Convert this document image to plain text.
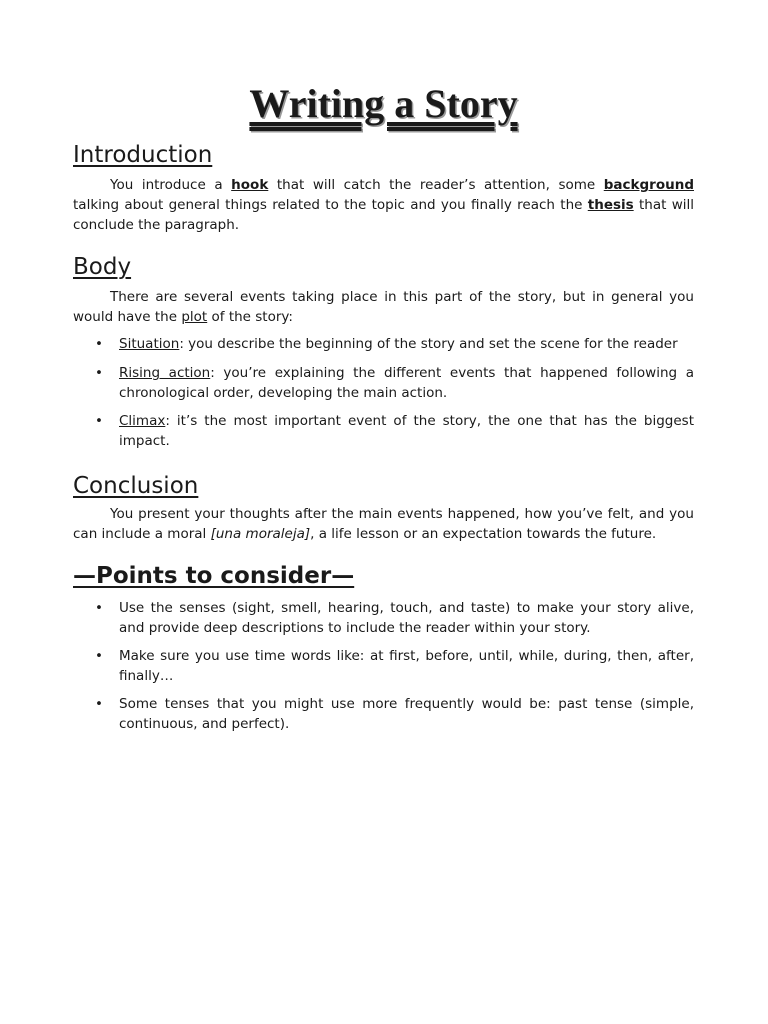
Writing a Story
Introduction

You introduce a hook that will catch the reader’s attention, some background talking about general things related to the topic and you finally reach the thesis that will conclude the paragraph.

Body

There are several events taking place in this part of the story, but in general you would have the plot of the story:

• Situation: you describe the beginning of the story and set the scene for the reader
• Rising action: you’re explaining the different events that happened following a chronological order, developing the main action.
• Climax: it’s the most important event of the story, the one that has the biggest impact.
Conclusion

You present your thoughts after the main events happened, how you’ve felt, and you can include a moral [una moraleja], a life lesson or an expectation towards the future.

—Points to consider—
• Use the senses (sight, smell, hearing, touch, and taste) to make your story alive, and provide deep descriptions to include the reader within your story.
• Make sure you use time words like: at first, before, until, while, during, then, after, finally…
• Some tenses that you might use more frequently would be: past tense (simple, continuous, and perfect).
